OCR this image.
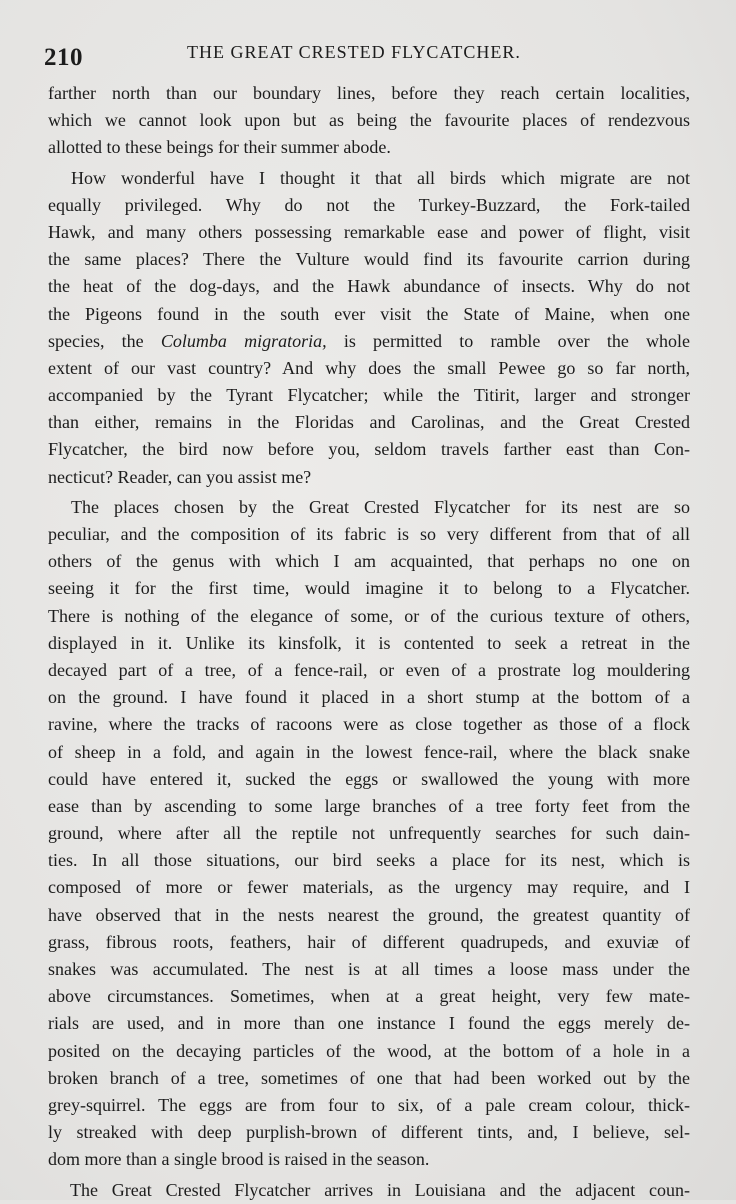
210	THE GREAT CRESTED FLYCATCHER.
farther north than our boundary lines, before they reach certain localities,
which we cannot look upon but as being the favourite places of rendezvous
allotted to these beings for their summer abode.
How wonderful have I thought it that all birds which migrate are not
equally privileged. Why do not the Turkey-Buzzard, the Fork-tailed
Hawk, and many others possessing remarkable ease and power of flight, visit
the same places? There the Vulture would find its favourite carrion during
the heat of the dog-days, and the Hawk abundance of insects. Why do not
the Pigeons found in the south ever visit the State of Maine, when one
species, the Columba migratoria, is permitted to ramble over the whole
extent of our vast country? And why does the small Pewee go so far north,
accompanied by the Tyrant Flycatcher; while the Titirit, larger and stronger
than either, remains in the Floridas and Carolinas, and the Great Crested
Flycatcher, the bird now before you, seldom travels farther east than Con-
necticut? Reader, can you assist me?
The places chosen by the Great Crested Flycatcher for its nest are so
peculiar, and the composition of its fabric is so very different from that of all
others of the genus with which I am acquainted, that perhaps no one on
seeing it for the first time, would imagine it to belong to a Flycatcher.
There is nothing of the elegance of some, or of the curious texture of others,
displayed in it. Unlike its kinsfolk, it is contented to seek a retreat in the
decayed part of a tree, of a fence-rail, or even of a prostrate log mouldering
on the ground. I have found it placed in a short stump at the bottom of a
ravine, where the tracks of racoons were as close together as those of a flock
of sheep in a fold, and again in the lowest fence-rail, where the black snake
could have entered it, sucked the eggs or swallowed the young with more
ease than by ascending to some large branches of a tree forty feet from the
ground, where after all the reptile not unfrequently searches for such dain-
ties. In all those situations, our bird seeks a place for its nest, which is
composed of more or fewer materials, as the urgency may require, and I
have observed that in the nests nearest the ground, the greatest quantity of
grass, fibrous roots, feathers, hair of different quadrupeds, and exuviæ of
snakes was accumulated. The nest is at all times a loose mass under the
above circumstances. Sometimes, when at a great height, very few mate-
rials are used, and in more than one instance I found the eggs merely de-
posited on the decaying particles of the wood, at the bottom of a hole in a
broken branch of a tree, sometimes of one that had been worked out by the
grey-squirrel. The eggs are from four to six, of a pale cream colour, thick-
ly streaked with deep purplish-brown of different tints, and, I believe, sel-
dom more than a single brood is raised in the season.
The Great Crested Flycatcher arrives in Louisiana and the adjacent coun-
